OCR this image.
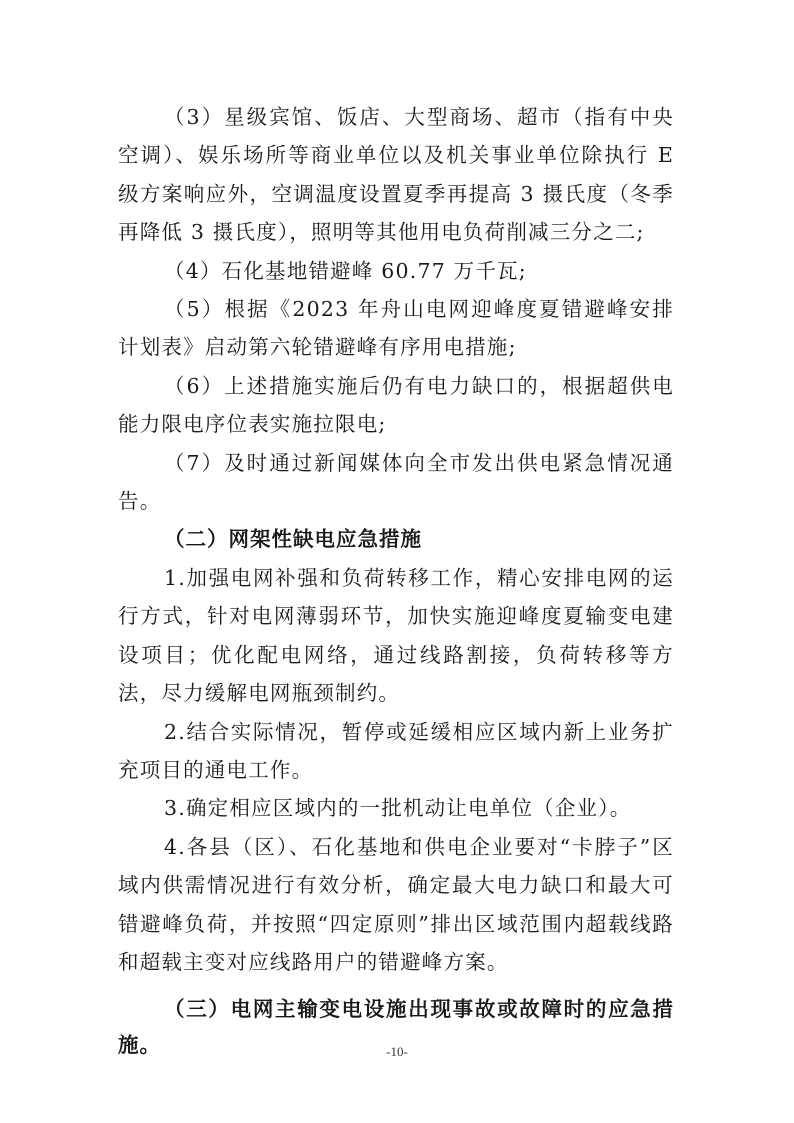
（3）星级宾馆、饭店、大型商场、超市（指有中央空调）、娱乐场所等商业单位以及机关事业单位除执行 E 级方案响应外，空调温度设置夏季再提高 3 摄氏度（冬季再降低 3 摄氏度），照明等其他用电负荷削减三分之二;

（4）石化基地错避峰 60.77 万千瓦;

（5）根据《2023 年舟山电网迎峰度夏错避峰安排计划表》启动第六轮错避峰有序用电措施;

（6）上述措施实施后仍有电力缺口的，根据超供电能力限电序位表实施拉限电;

（7）及时通过新闻媒体向全市发出供电紧急情况通告。

（二）网架性缺电应急措施

1.加强电网补强和负荷转移工作，精心安排电网的运行方式，针对电网薄弱环节，加快实施迎峰度夏输变电建设项目；优化配电网络，通过线路割接，负荷转移等方法，尽力缓解电网瓶颈制约。

2.结合实际情况，暂停或延缓相应区域内新上业务扩充项目的通电工作。

3.确定相应区域内的一批机动让电单位（企业）。

4.各县（区）、石化基地和供电企业要对“卡脖子”区域内供需情况进行有效分析，确定最大电力缺口和最大可错避峰负荷，并按照“四定原则”排出区域范围内超载线路和超载主变对应线路用户的错避峰方案。

（三）电网主输变电设施出现事故或故障时的应急措施。	-10-
